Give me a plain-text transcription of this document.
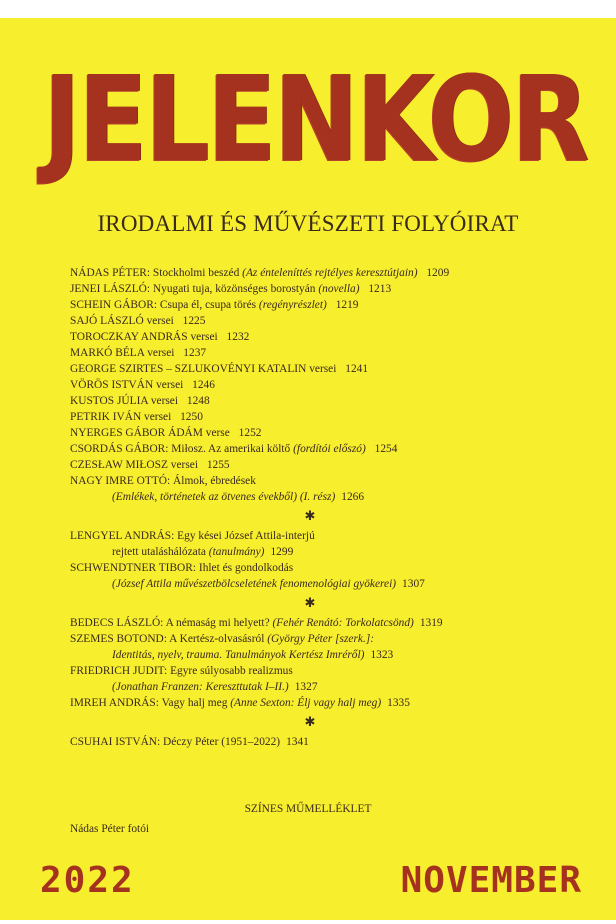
JELENKOR
IRODALMI ÉS MŰVÉSZETI FOLYÓIRAT
NÁDAS PÉTER: Stockholmi beszéd (Az énteleníttés rejtélyes keresztútjain) 1209
JENEI LÁSZLÓ: Nyugati tuja, közönséges borostyán (novella) 1213
SCHEIN GÁBOR: Csupa él, csupa törés (regényrészlet) 1219
SAJÓ LÁSZLÓ versei 1225
TOROCZKAY ANDRÁS versei 1232
MARKÓ BÉLA versei 1237
GEORGE SZIRTES – SZLUKOVÉNYI KATALIN versei 1241
VÖRÖS ISTVÁN versei 1246
KUSTOS JÚLIA versei 1248
PETRIK IVÁN versei 1250
NYERGES GÁBOR ÁDÁM verse 1252
CSORDÁS GÁBOR: Miłosz. Az amerikai költő (fordítói előszó) 1254
CZESŁAW MIŁOSZ versei 1255
NAGY IMRE OTTÓ: Álmok, ébredések
(Emlékek, történetek az ötvenes évekből) (I. rész) 1266
✱
LENGYEL ANDRÁS: Egy kései József Attila-interjú
rejtett utaláshálózata (tanulmány) 1299
SCHWENDTNER TIBOR: Ihlet és gondolkodás
(József Attila művészetbölcseletének fenomenológiai gyökerei) 1307
✱
BEDECS LÁSZLÓ: A némaság mi helyett? (Fehér Renátó: Torkolatcsönd) 1319
SZEMES BOTOND: A Kertész-olvasásról (György Péter [szerk.]:
Identitás, nyelv, trauma. Tanulmányok Kertész Imréről) 1323
FRIEDRICH JUDIT: Egyre súlyosabb realizmus
(Jonathan Franzen: Kereszttutak I–II.) 1327
IMREH ANDRÁS: Vagy halj meg (Anne Sexton: Élj vagy halj meg) 1335
✱
CSUHAI ISTVÁN: Déczy Péter (1951–2022) 1341
SZÍNES MŰMELLÉKLET
Nádas Péter fotói
2022	NOVEMBER
